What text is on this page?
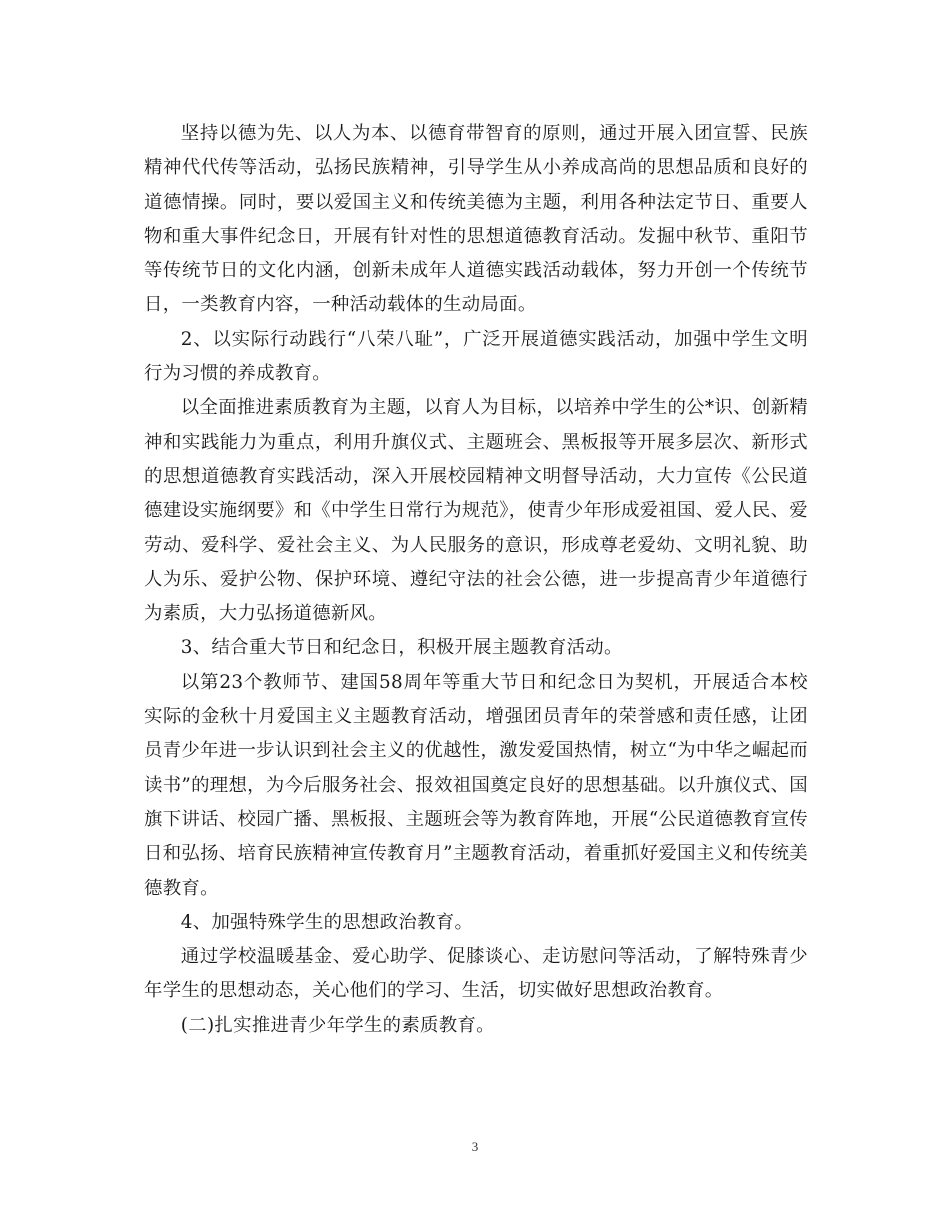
坚持以德为先、以人为本、以德育带智育的原则，通过开展入团宣誓、民族精神代代传等活动，弘扬民族精神，引导学生从小养成高尚的思想品质和良好的道德情操。同时，要以爱国主义和传统美德为主题，利用各种法定节日、重要人物和重大事件纪念日，开展有针对性的思想道德教育活动。发掘中秋节、重阳节等传统节日的文化内涵，创新未成年人道德实践活动载体，努力开创一个传统节日，一类教育内容，一种活动载体的生动局面。

2、以实际行动践行“八荣八耻”，广泛开展道德实践活动，加强中学生文明行为习惯的养成教育。

以全面推进素质教育为主题，以育人为目标，以培养中学生的公*识、创新精神和实践能力为重点，利用升旗仪式、主题班会、黑板报等开展多层次、新形式的思想道德教育实践活动，深入开展校园精神文明督导活动，大力宣传《公民道德建设实施纲要》和《中学生日常行为规范》，使青少年形成爱祖国、爱人民、爱劳动、爱科学、爱社会主义、为人民服务的意识，形成尊老爱幼、文明礼貌、助人为乐、爱护公物、保护环境、遵纪守法的社会公德，进一步提高青少年道德行为素质，大力弘扬道德新风。

3、结合重大节日和纪念日，积极开展主题教育活动。

以第23个教师节、建国58周年等重大节日和纪念日为契机，开展适合本校实际的金秋十月爱国主义主题教育活动，增强团员青年的荣誉感和责任感，让团员青少年进一步认识到社会主义的优越性，激发爱国热情，树立“为中华之崛起而读书”的理想，为今后服务社会、报效祖国奠定良好的思想基础。以升旗仪式、国旗下讲话、校园广播、黑板报、主题班会等为教育阵地，开展“公民道德教育宣传日和弘扬、培育民族精神宣传教育月”主题教育活动，着重抓好爱国主义和传统美德教育。

4、加强特殊学生的思想政治教育。

通过学校温暖基金、爱心助学、促膝谈心、走访慰问等活动，了解特殊青少年学生的思想动态，关心他们的学习、生活，切实做好思想政治教育。

(二)扎实推进青少年学生的素质教育。

3
